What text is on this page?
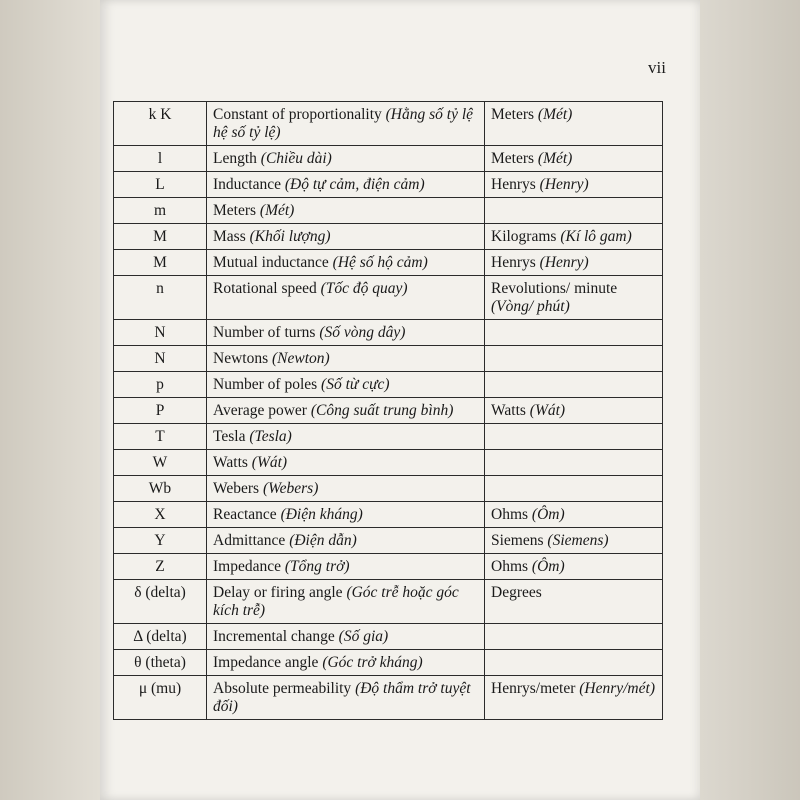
vii
k K	Constant of proportionality (Hằng số tỷ lệ hệ số tỷ lệ)	Meters (Mét)
l	Length (Chiều dài)	Meters (Mét)
L	Inductance (Độ tự cảm, điện cảm)	Henrys (Henry)
m	Meters (Mét)	
M	Mass (Khối lượng)	Kilograms (Kí lô gam)
M	Mutual inductance (Hệ số hộ cảm)	Henrys (Henry)
n	Rotational speed (Tốc độ quay)	Revolutions/ minute (Vòng/ phút)
N	Number of turns (Số vòng dây)	
N	Newtons (Newton)	
p	Number of poles (Số từ cực)	
P	Average power (Công suất trung bình)	Watts (Wát)
T	Tesla (Tesla)	
W	Watts (Wát)	
Wb	Webers (Webers)	
X	Reactance (Điện kháng)	Ohms (Ôm)
Y	Admittance (Điện dẫn)	Siemens (Siemens)
Z	Impedance (Tổng trở)	Ohms (Ôm)
δ (delta)	Delay or firing angle (Góc trễ hoặc góc kích trễ)	Degrees
Δ (delta)	Incremental change (Số gia)	
θ (theta)	Impedance angle (Góc trở kháng)	
μ (mu)	Absolute permeability (Độ thẩm trở tuyệt đối)	Henrys/meter (Henry/mét)
